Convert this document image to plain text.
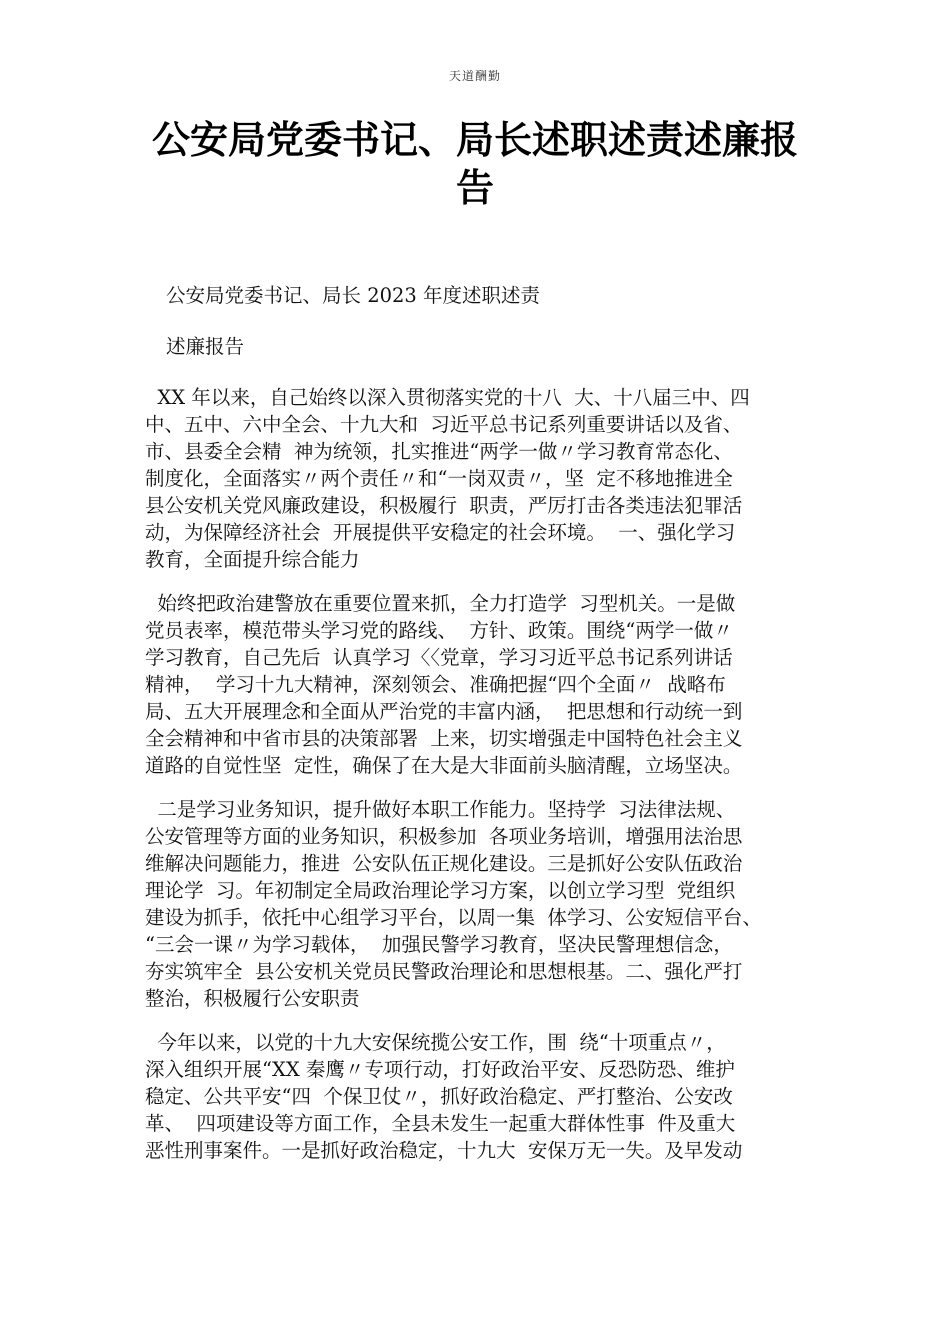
天道酬勤
公安局党委书记、局长述职述责述廉报
告
公安局党委书记、局长 2023 年度述职述责
述廉报告
XX 年以来，自己始终以深入贯彻落实党的十八  大、十八届三中、四
中、五中、六中全会、十九大和  习近平总书记系列重要讲话以及省、
市、县委全会精  神为统领，扎实推进“两学一做〃学习教育常态化、
制度化，全面落实〃两个责任〃和“一岗双责〃，坚  定不移地推进全
县公安机关党风廉政建设，积极履行  职责，严厉打击各类违法犯罪活
动，为保障经济社会  开展提供平安稳定的社会环境。  一、强化学习
教育，全面提升综合能力
始终把政治建警放在重要位置来抓，全力打造学  习型机关。一是做
党员表率，模范带头学习党的路线、  方针、政策。围绕“两学一做〃
学习教育，自己先后  认真学习〈〈党章，学习习近平总书记系列讲话
精神，  学习十九大精神，深刻领会、准确把握“四个全面〃  战略布
局、五大开展理念和全面从严治党的丰富内涵，  把思想和行动统一到
全会精神和中省市县的决策部署  上来，切实增强走中国特色社会主义
道路的自觉性坚  定性，确保了在大是大非面前头脑清醒，立场坚决。
二是学习业务知识，提升做好本职工作能力。坚持学  习法律法规、
公安管理等方面的业务知识，积极参加  各项业务培训，增强用法治思
维解决问题能力，推进  公安队伍正规化建设。三是抓好公安队伍政治
理论学  习。年初制定全局政治理论学习方案，以创立学习型  党组织
建设为抓手，依托中心组学习平台，以周一集  体学习、公安短信平台、
“三会一课〃为学习载体，  加强民警学习教育，坚决民警理想信念，
夯实筑牢全  县公安机关党员民警政治理论和思想根基。二、强化严打
整治，积极履行公安职责
今年以来，以党的十九大安保统揽公安工作，围  绕“十项重点〃，
深入组织开展“XX 秦鹰〃专项行动，打好政治平安、反恐防恐、维护
稳定、公共平安“四  个保卫仗〃，抓好政治稳定、严打整治、公安改
革、  四项建设等方面工作，全县未发生一起重大群体性事  件及重大
恶性刑事案件。一是抓好政治稳定，十九大  安保万无一失。及早发动
